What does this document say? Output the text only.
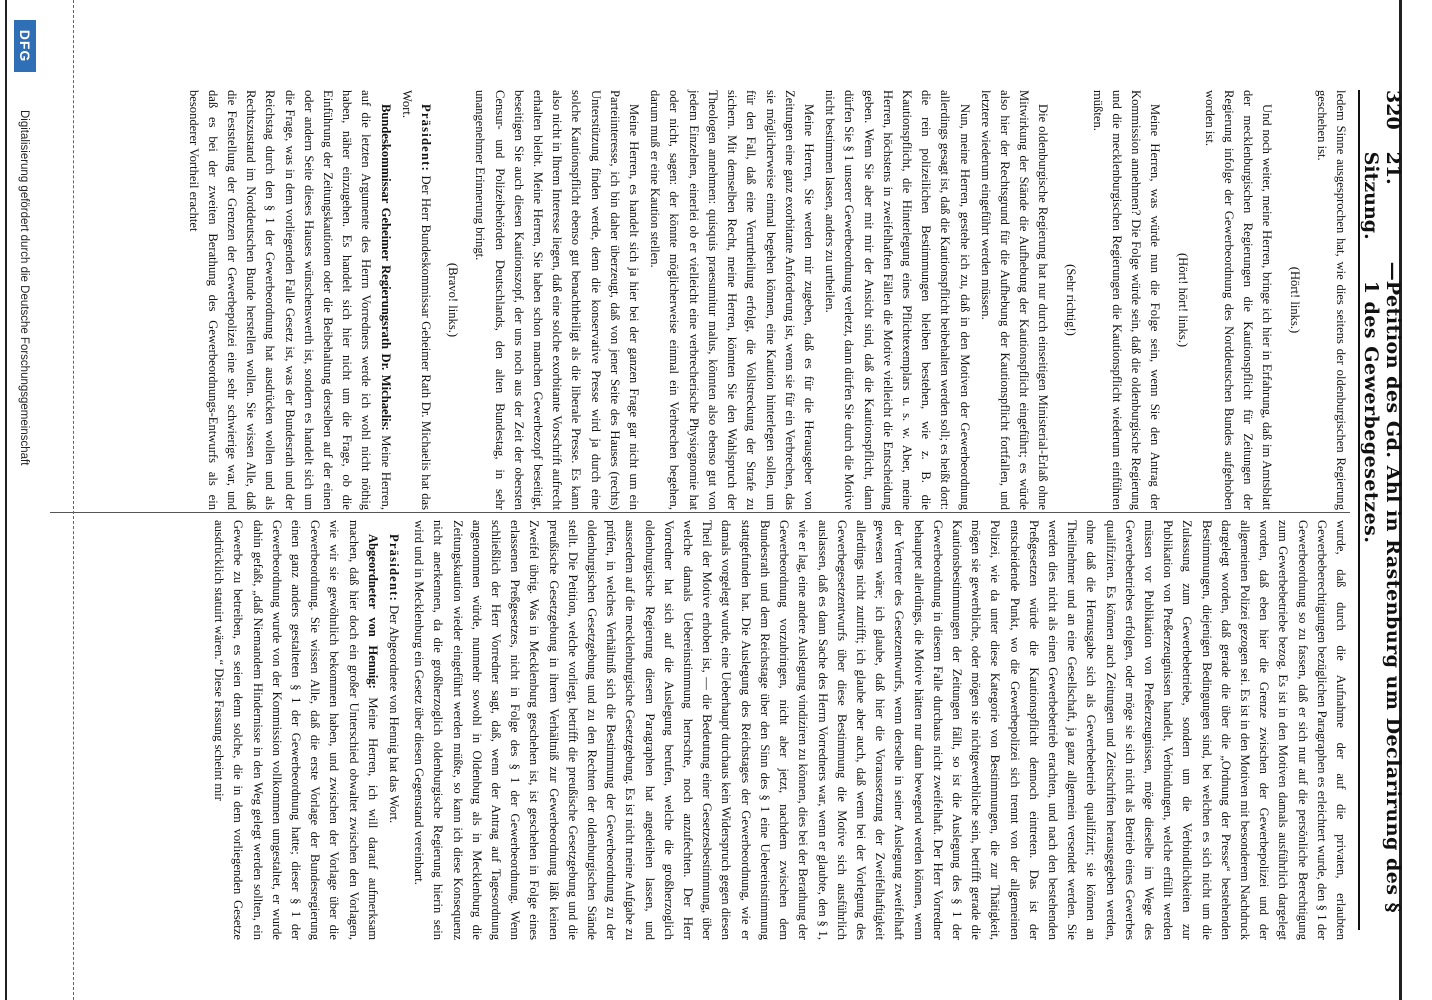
320
21. Sitzung.
—
Petition des Gd. Ahl in Rastenburg um Declarirung des § 1 des Gewerbegesetzes.

ledem Sinne ausgesprochen hat, wie dies seitens der oldenburgischen Regierung geschehen ist.

(Hört! links.)

Und noch weiter, meine Herren, bringe ich hier in Erfahrung, daß im Amtsblatt der mecklenburgischen Regierungen die Kautionspflicht für Zeitungen der Regierung infolge der Gewerbeordnung des Norddeutschen Bundes aufgehoben worden ist.

(Hört! hört! links.)

Meine Herren, was würde nun die Folge sein, wenn Sie den Antrag der Kommission annehmen? Die Folge würde sein, daß die oldenburgische Regierung und die mecklenburgischen Regierungen die Kautionspflicht wiederum einführen müßten.

(Sehr richtig!)

Die oldenburgische Regierung hat nur durch einseitigen Ministerial-Erlaß ohne Mitwirkung der Stände die Aufhebung der Kautionspflicht eingeführt; es würde also hier der Rechtsgrund für die Aufhebung der Kautionspflicht fortfallen, und letztere wiederum eingeführt werden müssen.

Nun, meine Herren, gestehe ich zu, daß in den Motiven der Gewerbeordnung allerdings gesagt ist, daß die Kautionspflicht beibehalten werden soll; es heißt dort: die rein polizeilichen Bestimmungen bleiben bestehen, wie z. B. die Kautionspflicht, die Hinterlegung eines Pflichtexemplars u. s. w. Aber, meine Herren, höchstens in zweifelhaften Fällen die Motive vielleicht die Entscheidung geben. Wenn Sie aber mit mir der Ansicht sind, daß die Kautionspflicht, dann dürfen Sie § 1 unserer Gewerbeordnung verletzt, dann dürfen Sie durch die Motive nicht bestimmen lassen, anders zu urtheilen.

Meine Herren, Sie werden mir zugeben, daß es für die Herausgeber von Zeitungen eine ganz exorbitante Anforderung ist, wenn sie für ein Verbrechen, das sie möglicherweise einmal begehen können, eine Kaution hinterlegen sollen, um für den Fall, daß eine Verurtheilung erfolgt, die Vollstreckung der Strafe zu sichern. Mit demselben Recht, meine Herren, könnten Sie den Wahlspruch der Theologen annehmen: quisquis praesumitur malus, könnten also ebenso gut von jedem Einzelnen, einerlei ob er vielleicht eine verbrecherische Physiognomie hat oder nicht, sagen: der könnte möglicherweise einmal ein Verbrechen begehen, darum muß er eine Kaution stellen.

Meine Herren, es handelt sich ja hier bei der ganzen Frage gar nicht um ein Parteiinteresse, ich bin daher überzeugt, daß von jener Seite des Hauses (rechts) Unterstützung finden werde, denn die konservative Presse wird ja durch eine solche Kautionspflicht ebenso gut benachtheiligt als die liberale Presse. Es kann also nicht in Ihrem Interesse liegen, daß eine solche exorbitante Vorschrift aufrecht erhalten bleibt. Meine Herren, Sie haben schon manchen Gewerbezopf beseitigt, beseitigen Sie auch diesen Kautionszopf, der uns noch aus der Zeit der obersten Censur- und Polizeibehörden Deutschlands, den alten Bundestag, in sehr unangenehmer Erinnerung bringt.

(Bravo! links.)

Präsident: Der Herr Bundeskommissar Geheimer Rath Dr. Michaelis hat das Wort.

Bundeskommissar Geheimer Regierungsrath Dr. Michaelis: Meine Herren, auf die letzten Argumente des Herrn Vorredners werde ich wohl nicht nöthig haben, näher einzugehen. Es handelt sich hier nicht um die Frage, ob die Einführung der Zeitungskautionen oder die Beibehaltung derselben auf der einen oder andern Seite dieses Hauses wünschenswerth ist, sondern es handelt sich um die Frage, was in dem vorliegenden Falle Gesetz ist, was der Bundesrath und der Reichstag durch den § 1 der Gewerbeordnung hat ausdrücken wollen und als Rechtszustand im Norddeutschen Bunde herstellen wollen. Sie wissen Alle, daß die Feststellung der Grenzen der Gewerbepolizei eine sehr schwierige war, und daß es bei der zweiten Berathung des Gewerbeordnungs-Entwurfs als ein besonderer Vortheil erachtet

wurde, daß durch die Aufnahme der auf die privaten, erlaubten Gewerbeberechtigungen bezüglichen Paragraphen es erleichtert wurde, den § 1 der Gewerbeordnung so zu fassen, daß er sich nur auf die persönliche Berechtigung zum Gewerbebetriebe bezog. Es ist in den Motiven damals ausführlich dargelegt worden, daß eben hier die Grenze zwischen der Gewerbepolizei und der allgemeinen Polizei gezogen sei. Es ist in den Motiven mit besonderem Nachdruck dargelegt worden, daß gerade die über die „Ordnung der Presse“ bestehenden Bestimmungen, diejenigen Bedingungen sind, bei welchen es sich nicht um die Zulassung zum Gewerbebetriebe, sondern um die Verbindlichkeiten zur Publikation von Preßerzeugnissen handelt, Verbindungen, welche erfüllt werden müssen vor Publikation von Preßerzeugnissen, möge dieselbe im Wege des Gewerbebetriebes erfolgen, oder möge sie sich nicht als Betrieb eines Gewerbes qualifiziren. Es können auch Zeitungen und Zeitschriften herausgegeben werden, ohne daß die Herausgabe sich als Gewerbebetrieb qualifizirt; sie können an Theilnehmer und an eine Gesellschaft, ja ganz allgemein versendet werden. Sie werden dies nicht als einen Gewerbebetrieb erachten, und nach den bestehenden Preßgesetzen würde die Kautionspflicht dennoch eintreten. Das ist der entscheidende Punkt, wo die Gewerbepolizei sich trennt von der allgemeinen Polizei, wie da unter diese Kategorie von Bestimmungen, die zur Thätigkeit, mögen sie gewerbliche, oder mögen sie nichtgewerbliche sein, betrifft gerade die Kautionsbestimmungen der Zeitungen fällt, so ist die Auslegung des § 1 der Gewerbeordnung in diesem Falle durchaus nicht zweifelhaft. Der Herr Vorredner behauptet allerdings, die Motive hätten nur dann bewegend werden können, wenn der Vertreter des Gesetzentwurfs, wenn derselbe in seiner Auslegung zweifelhaft gewesen wäre; ich glaube, daß hier die Voraussetzung der Zweifelhaftigkeit allerdings nicht zutrifft; ich glaube aber auch, daß wenn bei der Vorlegung des Gewerbegesetzentwurfs über diese Bestimmung die Motive sich ausführlich auslassen, daß es dann Sache des Herrn Vorredners war, wenn er glaubte, den § 1, wie er lag, eine andere Auslegung vindiziren zu können, dies bei der Berathung der Gewerbeordnung vorzubringen, nicht aber jetzt, nachdem zwischen dem Bundesrath und dem Reichstage über den Sinn des § 1 eine Uebereinstimmung stattgefunden hat. Die Auslegung des Reichstages der Gewerbeordnung, wie er damals vorgelegt wurde, eine Ueberhaupt durchaus kein Widerspruch gegen diesen Theil der Motive erhoben ist, — die Bedeutung einer Gesetzesbestimmung, über welche damals Uebereinstimmung herrschte, noch anzufechten. Der Herr Vorredner hat sich auf die Auslegung berufen, welche die großherzoglich oldenburgische Regierung diesem Paragraphen hat angedeihen lassen, und ausserdem auf die mecklenburgische Gesetzgebung. Es ist nicht meine Aufgabe zu prüfen, in welches Verhältniß sich die Bestimmung der Gewerbeordnung zu der oldenburgischen Gesetzgebung und zu den Rechten der oldenburgischen Stände stellt. Die Petition, welche vorliegt, betrifft die preußische Gesetzgebung und die preußische Gesetzgebung in ihrem Verhältniß zur Gewerbeordnung läßt keinen Zweifel übrig. Was in Mecklenburg geschehen ist, ist geschehen in Folge eines erlassenen Preßgesetzes, nicht in Folge des § 1 der Gewerbeordnung. Wenn schließlich der Herr Vorredner sagt, daß, wenn der Antrag auf Tagesordnung angenommen würde, nunmehr sowohl in Oldenburg als in Mecklenburg die Zeitungskaution wieder eingeführt werden müßte, so kann ich diese Konsequenz nicht anerkennen, da die großherzoglich oldenburgische Regierung hierin sein wird und in Mecklenburg ein Gesetz über diesen Gegenstand vereinbart.

Präsident: Der Abgeordnete von Hennig hat das Wort.

Abgeordneter von Hennig: Meine Herren, ich will darauf aufmerksam machen, daß hier doch ein großer Unterschied obwaltet zwischen den Vorlagen, wie wir sie gewöhnlich bekommen haben, und zwischen der Vorlage über die Gewerbeordnung. Sie wissen Alle, daß die erste Vorlage der Bundesregierung einen ganz anders gestalteten § 1 der Gewerbeordnung hatte; dieser § 1 der Gewerbeordnung wurde von der Kommission vollkommen umgestaltet, er wurde dahin gefaßt, „daß Niemandem Hindernisse in den Weg gelegt werden sollten, ein Gewerbe zu betreiben, es seien denn solche, die in dem vorliegenden Gesetze ausdrücklich statuirt wären.“ Diese Fassung scheint mir

DFG
Digitalisierung gefördert durch die Deutsche Forschungsgemeinschaft
